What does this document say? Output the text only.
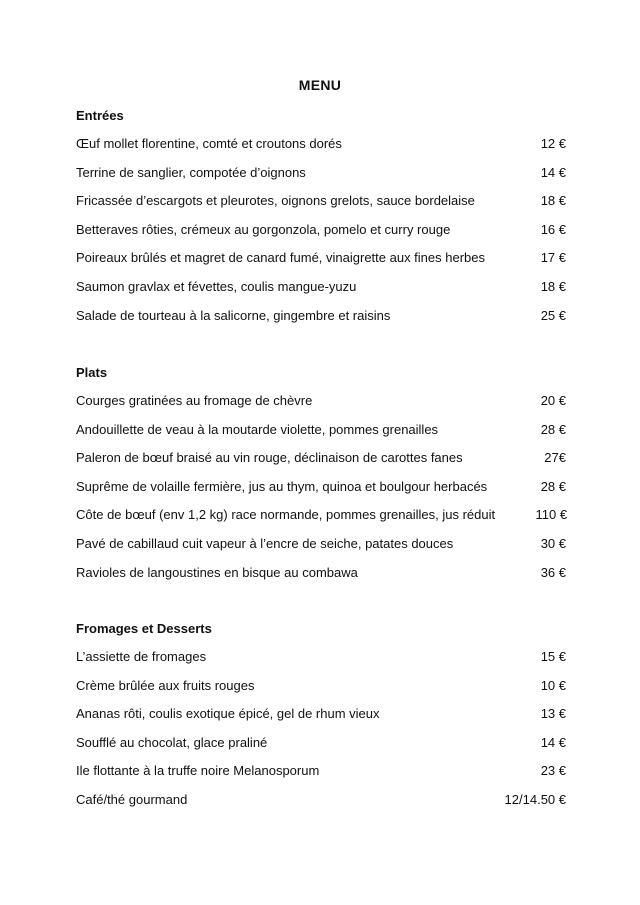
MENU
Entrées
Œuf mollet florentine, comté et croutons dorés	12 €
Terrine de sanglier, compotée d’oignons	14 €
Fricassée d’escargots et pleurotes, oignons grelots, sauce bordelaise	18 €
Betteraves rôties, crémeux au gorgonzola, pomelo et curry rouge	16 €
Poireaux brûlés et magret de canard fumé, vinaigrette aux fines herbes	17 €
Saumon gravlax et févettes, coulis mangue-yuzu	18 €
Salade de tourteau à la salicorne, gingembre et raisins	25 €
Plats
Courges gratinées au fromage de chèvre	20 €
Andouillette de veau à la moutarde violette, pommes grenailles	28 €
Paleron de bœuf braisé au vin rouge, déclinaison de carottes fanes	27€
Suprême de volaille fermière, jus au thym, quinoa et boulgour herbacés	28 €
Côte de bœuf (env 1,2 kg) race normande, pommes grenailles, jus réduit	110 €
Pavé de cabillaud cuit vapeur à l’encre de seiche, patates douces	30 €
Ravioles de langoustines en bisque au combawa	36 €
Fromages et Desserts
L’assiette de fromages	15 €
Crème brûlée aux fruits rouges	10 €
Ananas rôti, coulis exotique épicé, gel de rhum vieux	13 €
Soufflé au chocolat, glace praliné	14 €
Ile flottante à la truffe noire Melanosporum	23 €
Café/thé gourmand	12/14.50 €
